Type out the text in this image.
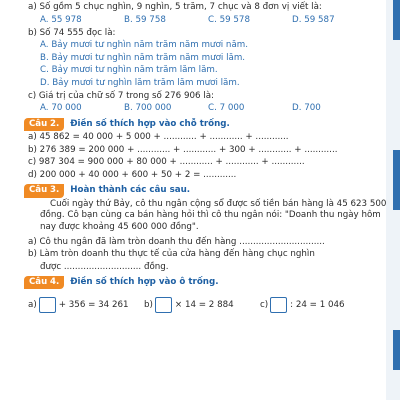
a) Số gồm 5 chục nghìn, 9 nghìn, 5 trăm, 7 chục và 8 đơn vị viết là:
A. 55 978	B. 59 758	C. 59 578	D. 59 587
b) Số 74 555 đọc là:
A. Bảy mươi tư nghìn năm trăm năm mươi năm.
B. Bảy mươi tư nghìn năm trăm năm mươi lăm.
C. Bảy mươi tư nghìn năm trăm lăm lăm.
D. Bảy mươi tư nghìn lăm trăm lăm mươi lăm.
c) Giá trị của chữ số 7 trong số 276 906 là:
A. 70 000	B. 700 000	C. 7 000	D. 700
Câu 2.	Điền số thích hợp vào chỗ trống.
a) 45 862 = 40 000 + 5 000 + ............ + ............ + ............
b) 276 389 = 200 000 + ............ + ............ + 300 + ............ + ............
c) 987 304 = 900 000 + 80 000 + ............ + ............ + ............
d) 200 000 + 40 000 + 600 + 50 + 2 = ............
Câu 3.	Hoàn thành các câu sau.
Cuối ngày thứ Bảy, cô thu ngân cộng sổ được số tiền bán hàng là 45 623 500 đồng. Cô bạn cùng ca bán hàng hỏi thì cô thu ngân nói: "Doanh thu ngày hôm nay được khoảng 45 600 000 đồng".
a) Cô thu ngân đã làm tròn doanh thu đến hàng ...............................
b) Làm tròn doanh thu thực tế của cửa hàng đến hàng chục nghìn
được ............................ đồng.
Câu 4.	Điền số thích hợp vào ô trống.
a)	+ 356 = 34 261 b)	× 14 = 2 884	c)	: 24 = 1 046
